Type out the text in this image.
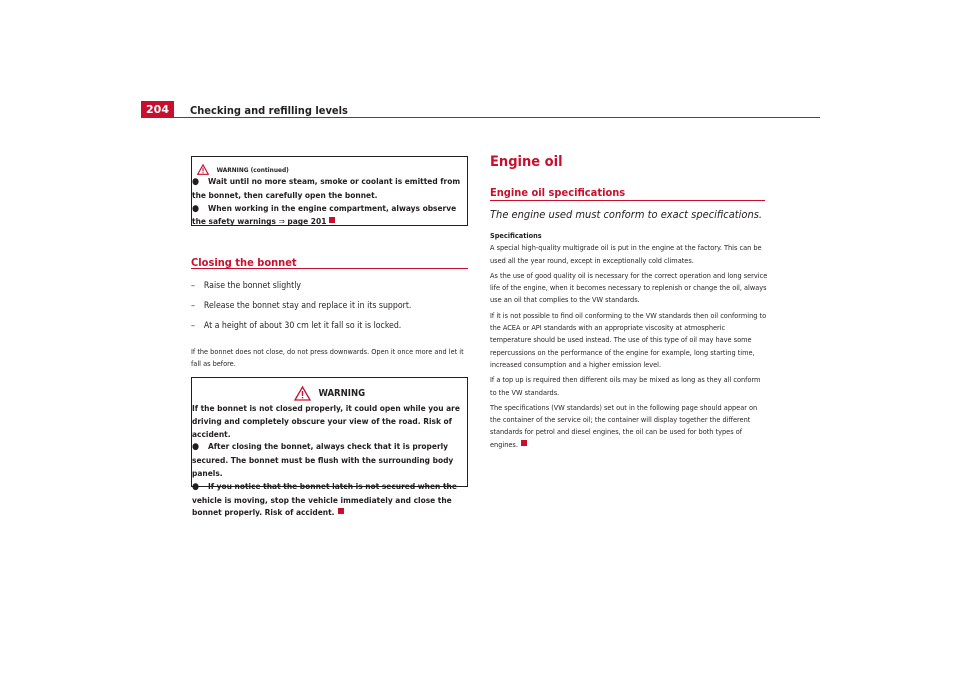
204	Checking and refilling levels
WARNING (continued)

● Wait until no more steam, smoke or coolant is emitted from the bonnet, then carefully open the bonnet.

● When working in the engine compartment, always observe the safety warnings ⇒ page 201

Closing the bonnet
– Raise the bonnet slightly
– Release the bonnet stay and replace it in its support.
– At a height of about 30 cm let it fall so it is locked.
If the bonnet does not close, do not press downwards. Open it once more and let it fall as before.
WARNING

If the bonnet is not closed properly, it could open while you are driving and completely obscure your view of the road. Risk of accident.

● After closing the bonnet, always check that it is properly secured. The bonnet must be flush with the surrounding body panels.

● If you notice that the bonnet latch is not secured when the vehicle is moving, stop the vehicle immediately and close the bonnet properly. Risk of accident.

Engine oil
Engine oil specifications
The engine used must conform to exact specifications.

Specifications

A special high-quality multigrade oil is put in the engine at the factory. This can be used all the year round, except in exceptionally cold climates.

As the use of good quality oil is necessary for the correct operation and long service life of the engine, when it becomes necessary to replenish or change the oil, always use an oil that complies to the VW standards.

If it is not possible to find oil conforming to the VW standards then oil conforming to the ACEA or API standards with an appropriate viscosity at atmospheric temperature should be used instead. The use of this type of oil may have some repercussions on the performance of the engine for example, long starting time, increased consumption and a higher emission level.

If a top up is required then different oils may be mixed as long as they all conform to the VW standards.

The specifications (VW standards) set out in the following page should appear on the container of the service oil; the container will display together the different standards for petrol and diesel engines, the oil can be used for both types of engines.
